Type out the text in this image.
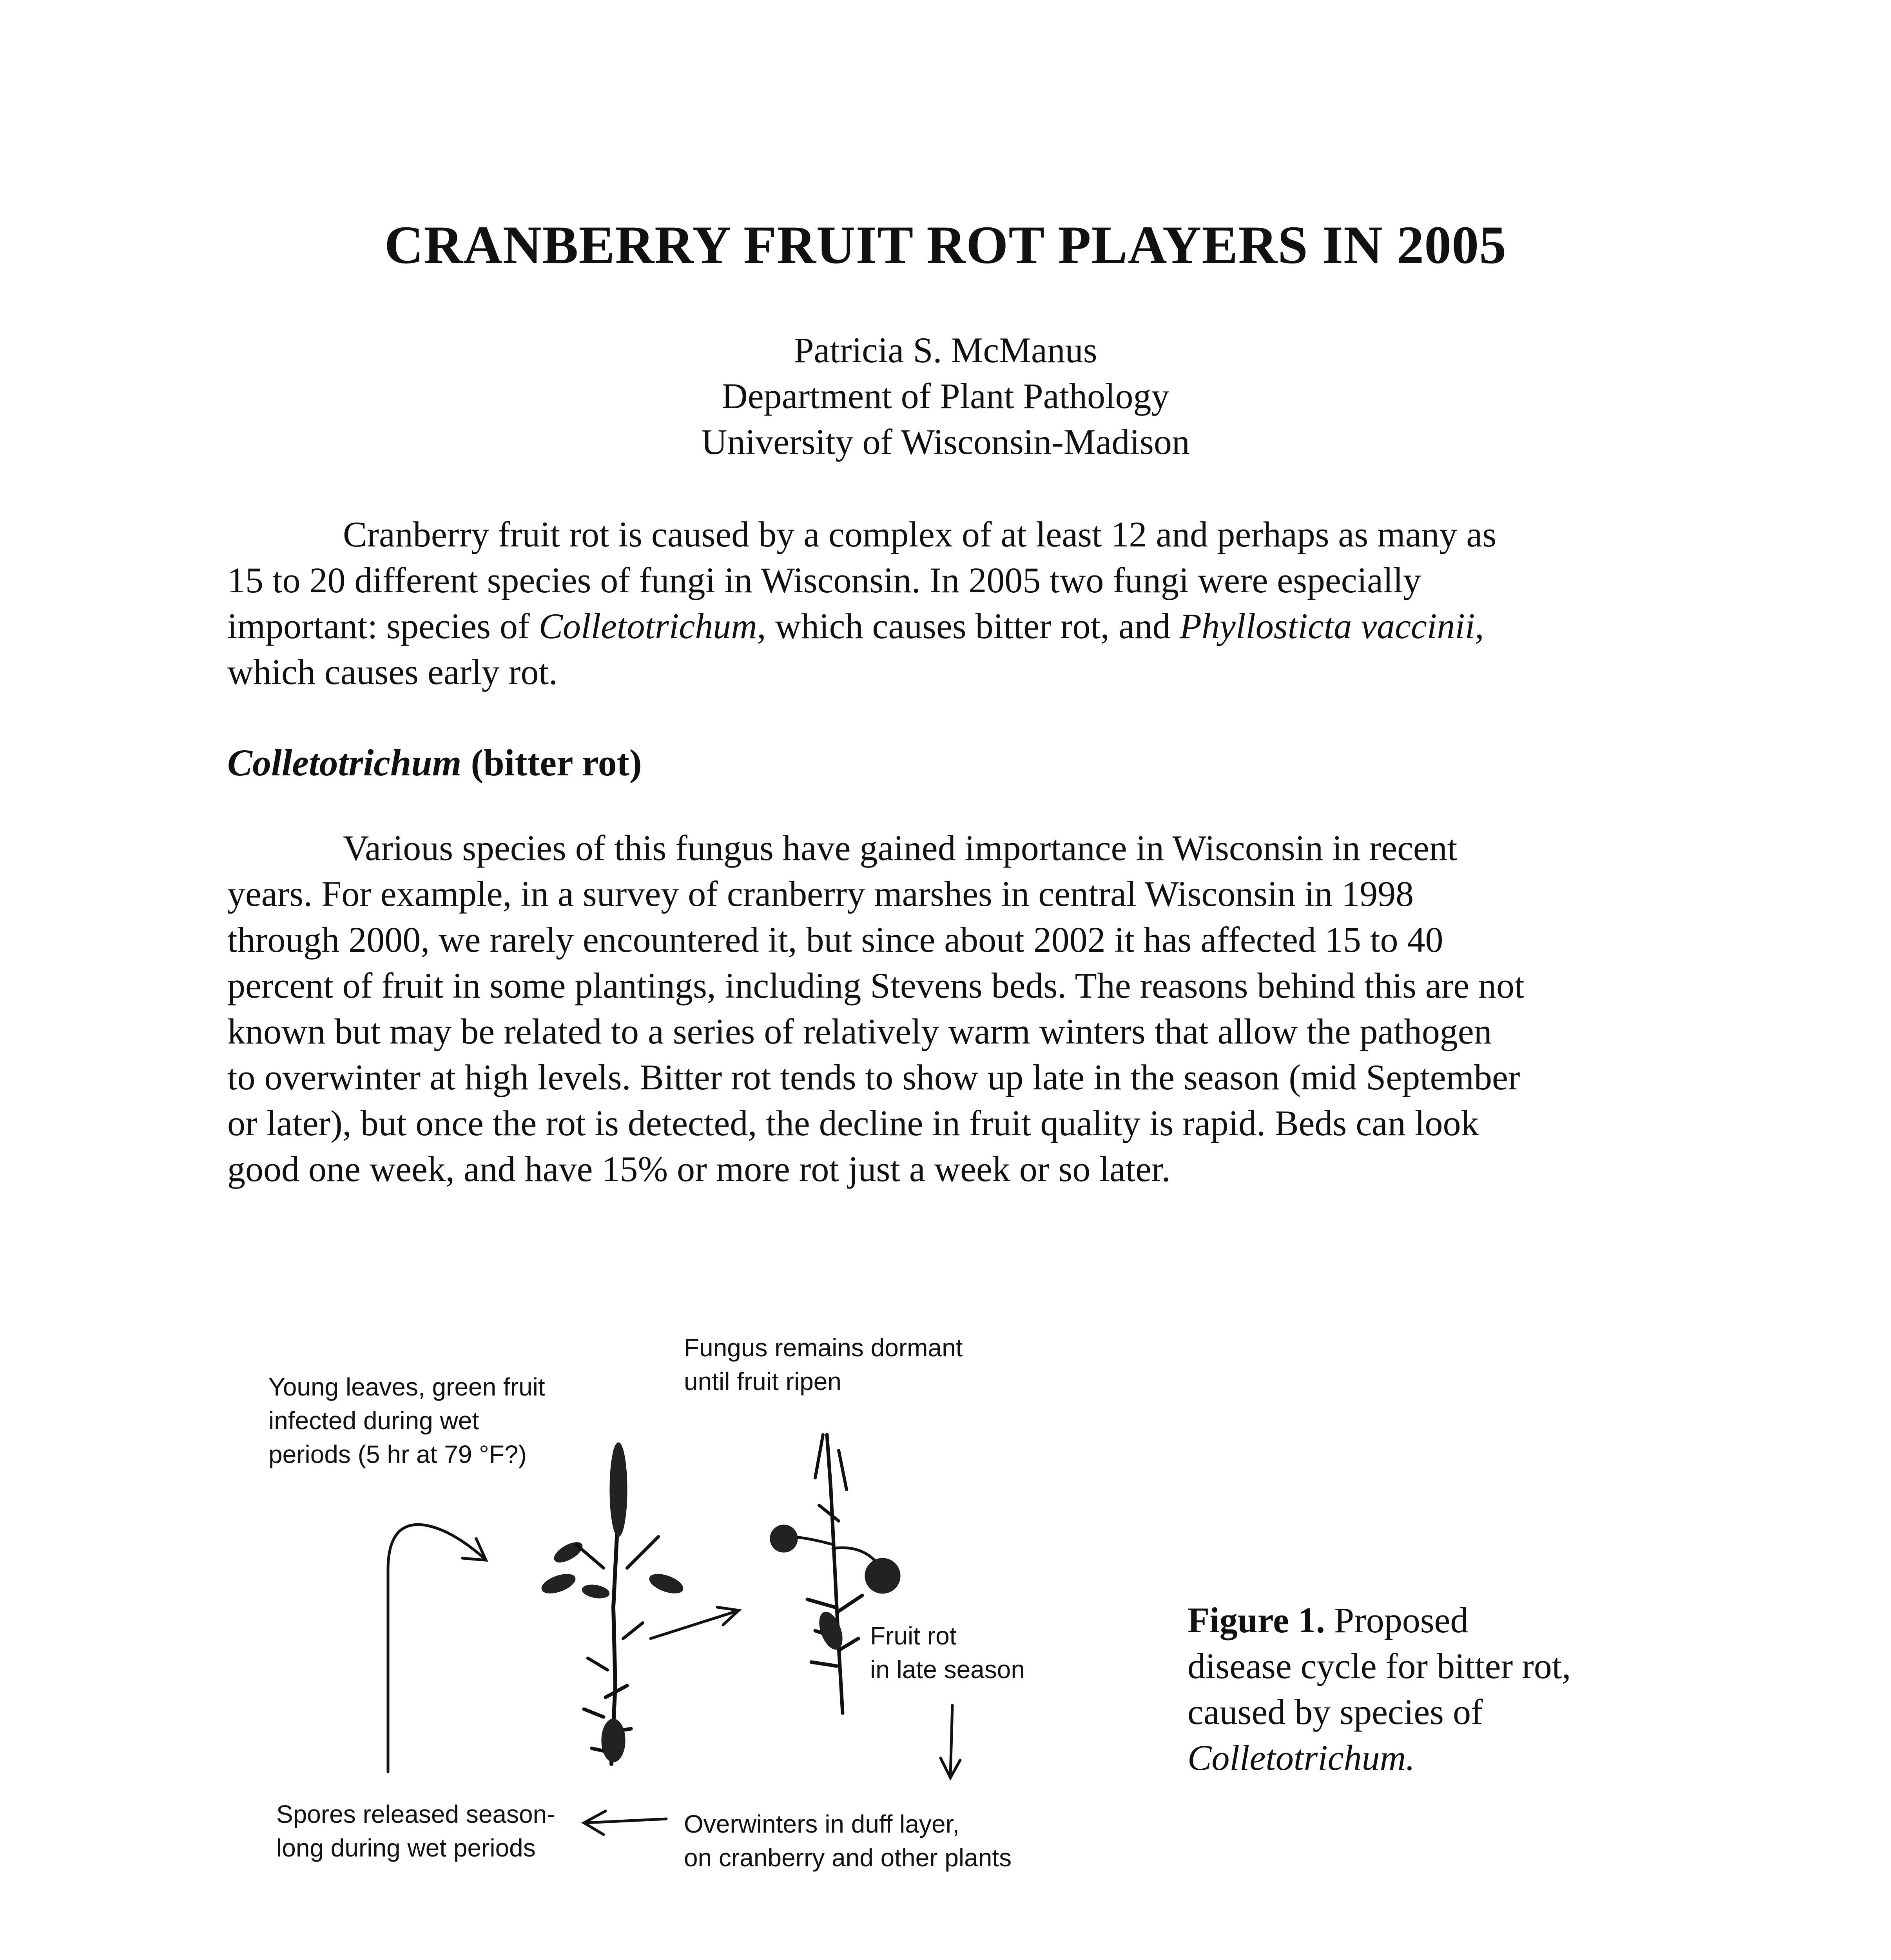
CRANBERRY FRUIT ROT PLAYERS IN 2005
Patricia S. McManus
Department of Plant Pathology
University of Wisconsin-Madison
Cranberry fruit rot is caused by a complex of at least 12 and perhaps as many as
15 to 20 different species of fungi in Wisconsin. In 2005 two fungi were especially
important: species of Colletotrichum, which causes bitter rot, and Phyllosticta vaccinii,
which causes early rot.
Colletotrichum (bitter rot)
Various species of this fungus have gained importance in Wisconsin in recent
years. For example, in a survey of cranberry marshes in central Wisconsin in 1998
through 2000, we rarely encountered it, but since about 2002 it has affected 15 to 40
percent of fruit in some plantings, including Stevens beds. The reasons behind this are not
known but may be related to a series of relatively warm winters that allow the pathogen
to overwinter at high levels. Bitter rot tends to show up late in the season (mid September
or later), but once the rot is detected, the decline in fruit quality is rapid. Beds can look
good one week, and have 15% or more rot just a week or so later.
Fungus remains dormant
until fruit ripen
Young leaves, green fruit
infected during wet
periods (5 hr at 79 °F?)
Fruit rot
in late season
Spores released season-
long during wet periods
Overwinters in duff layer,
on cranberry and other plants
Figure 1. Proposed
disease cycle for bitter rot,
caused by species of
Colletotrichum.
